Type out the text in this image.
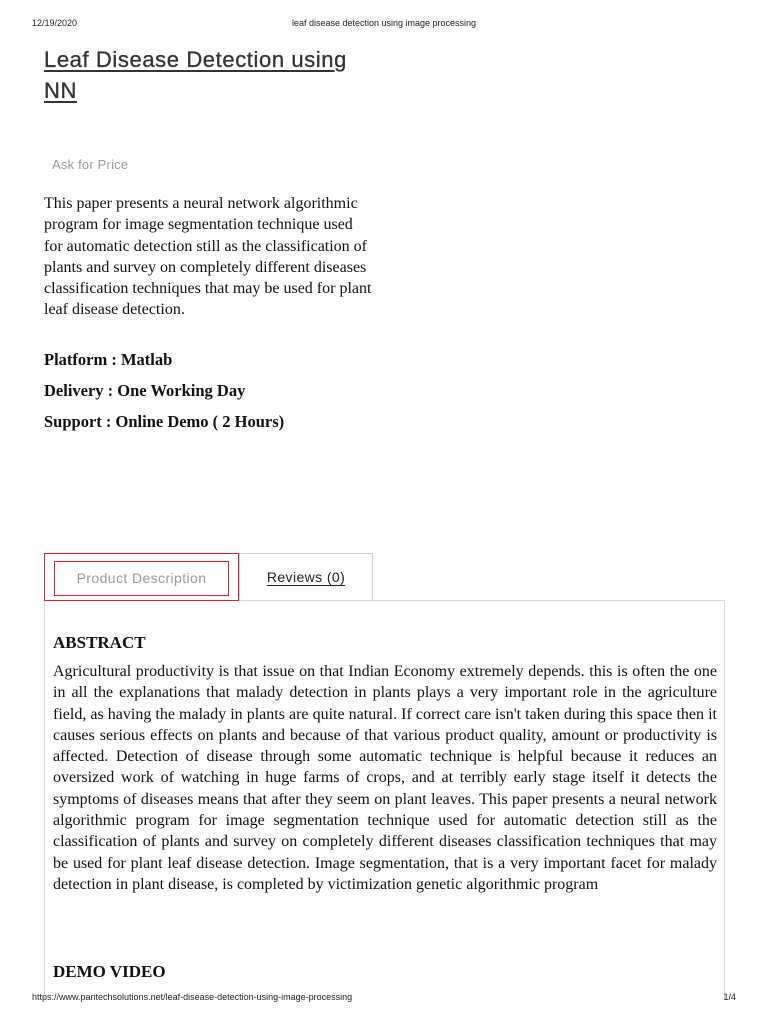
12/19/2020	leaf disease detection using image processing
Leaf Disease Detection using NN
Ask for Price

This paper presents a neural network algorithmic program for image segmentation technique used for automatic detection still as the classification of plants and survey on completely different diseases classification techniques that may be used for plant leaf disease detection.

Platform : Matlab

Delivery : One Working Day

Support : Online Demo ( 2 Hours)

Product Description	Reviews (0)
ABSTRACT

Agricultural productivity is that issue on that Indian Economy extremely depends. this is often the one in all the explanations that malady detection in plants plays a very important role in the agriculture field, as having the malady in plants are quite natural. If correct care isn't taken during this space then it causes serious effects on plants and because of that various product quality, amount or productivity is affected. Detection of disease through some automatic technique is helpful because it reduces an oversized work of watching in huge farms of crops, and at terribly early stage itself it detects the symptoms of diseases means that after they seem on plant leaves. This paper presents a neural network algorithmic program for image segmentation technique used for automatic detection still as the classification of plants and survey on completely different diseases classification techniques that may be used for plant leaf disease detection. Image segmentation, that is a very important facet for malady detection in plant disease, is completed by victimization genetic algorithmic program

DEMO VIDEO
https://www.pantechsolutions.net/leaf-disease-detection-using-image-processing	1/4
